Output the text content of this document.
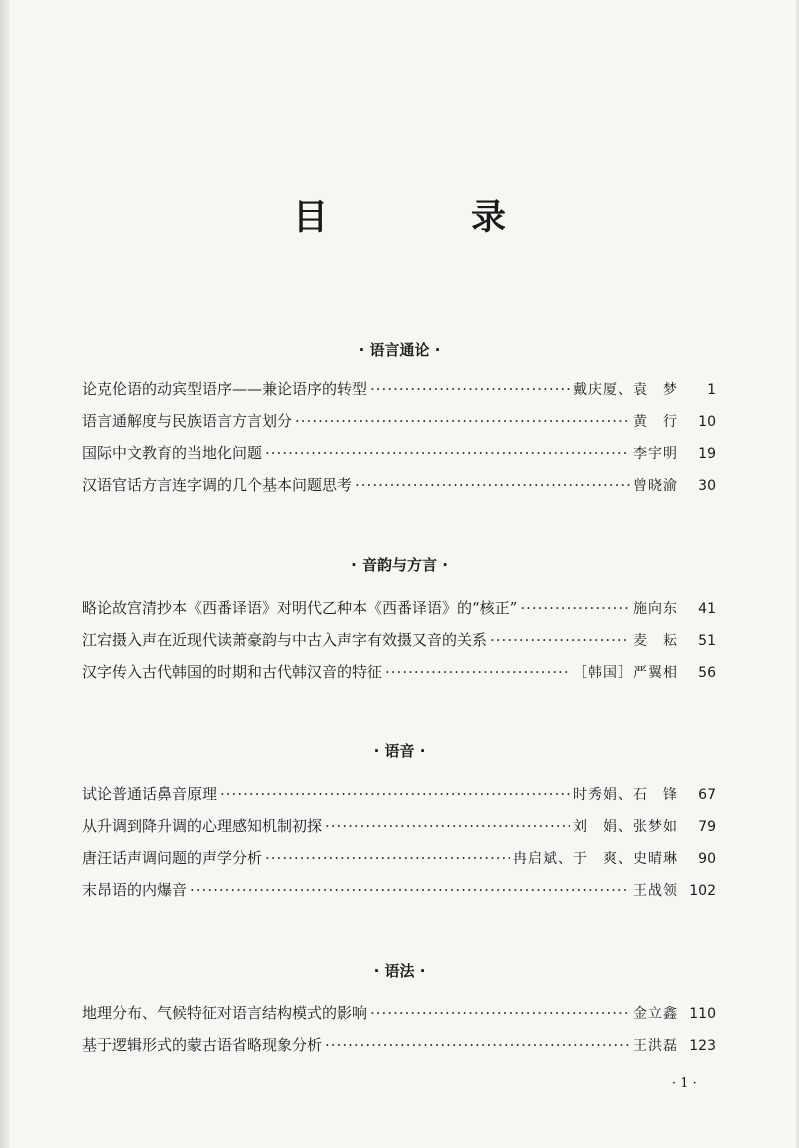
目　录
· 语言通论 ·
论克伦语的动宾型语序——兼论语序的转型 ·····	戴庆厦、袁　梦	1
语言通解度与民族语言方言划分 ·····	黄　行	10
国际中文教育的当地化问题 ·····	李宇明	19
汉语官话方言连字调的几个基本问题思考 ·····	曾晓渝	30
· 音韵与方言 ·
略论故宫清抄本《西番译语》对明代乙种本《西番译语》的“核正” ·····	施向东	41
江宕摄入声在近现代读萧豪韵与中古入声字有效摄又音的关系 ·····	麦　耘	51
汉字传入古代韩国的时期和古代韩汉音的特征 ·····	［韩国］严翼相	56
· 语音 ·
试论普通话鼻音原理 ·····	时秀娟、石　锋	67
从升调到降升调的心理感知机制初探 ·····	刘　娟、张梦如	79
唐汪话声调问题的声学分析 ·····	冉启斌、于　爽、史晴琳	90
末昂语的内爆音 ·····	王战领 102
· 语法 ·
地理分布、气候特征对语言结构模式的影响 ·····	金立鑫 110
基于逻辑形式的蒙古语省略现象分析 ·····	王洪磊 123
· 1 ·
